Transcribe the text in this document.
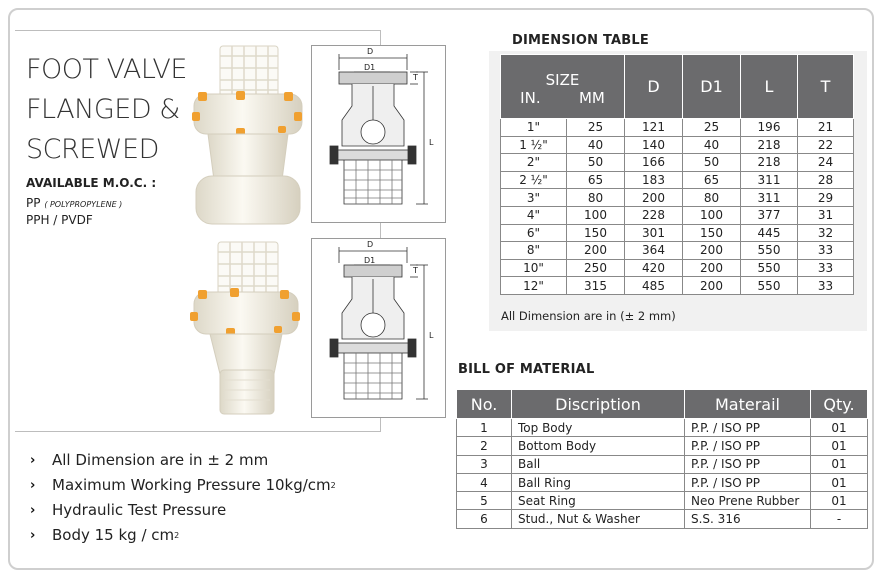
FOOT VALVE
FLANGED &
SCREWED
AVAILABLE M.O.C. :
PP ( POLYPROPYLENE )
PPH / PVDF
D
D1
T
L
D
D1
T
L
›	All Dimension are in ± 2 mm
›	Maximum Working Pressure 10kg/cm 2
›	Hydraulic Test Pressure
›	Body 15 kg / cm 2
DIMENSION TABLE
SIZE
IN. MM		D	D1	L	T
1"	25	121	25	196	21
1 ½"	40	140	40	218	22
2"	50	166	50	218	24
2 ½"	65	183	65	311	28
3"	80	200	80	311	29
4"	100	228	100	377	31
6"	150	301	150	445	32
8"	200	364	200	550	33
10"	250	420	200	550	33
12"	315	485	200	550	33
All Dimension are in (± 2 mm)
BILL OF MATERIAL
No.	Discription	Materail	Qty.
1	Top Body	P.P. / ISO PP	01
2	Bottom Body	P.P. / ISO PP	01
3	Ball	P.P. / ISO PP	01
4	Ball Ring	P.P. / ISO PP	01
5	Seat Ring	Neo Prene Rubber	01
6	Stud., Nut & Washer	S.S. 316	-
